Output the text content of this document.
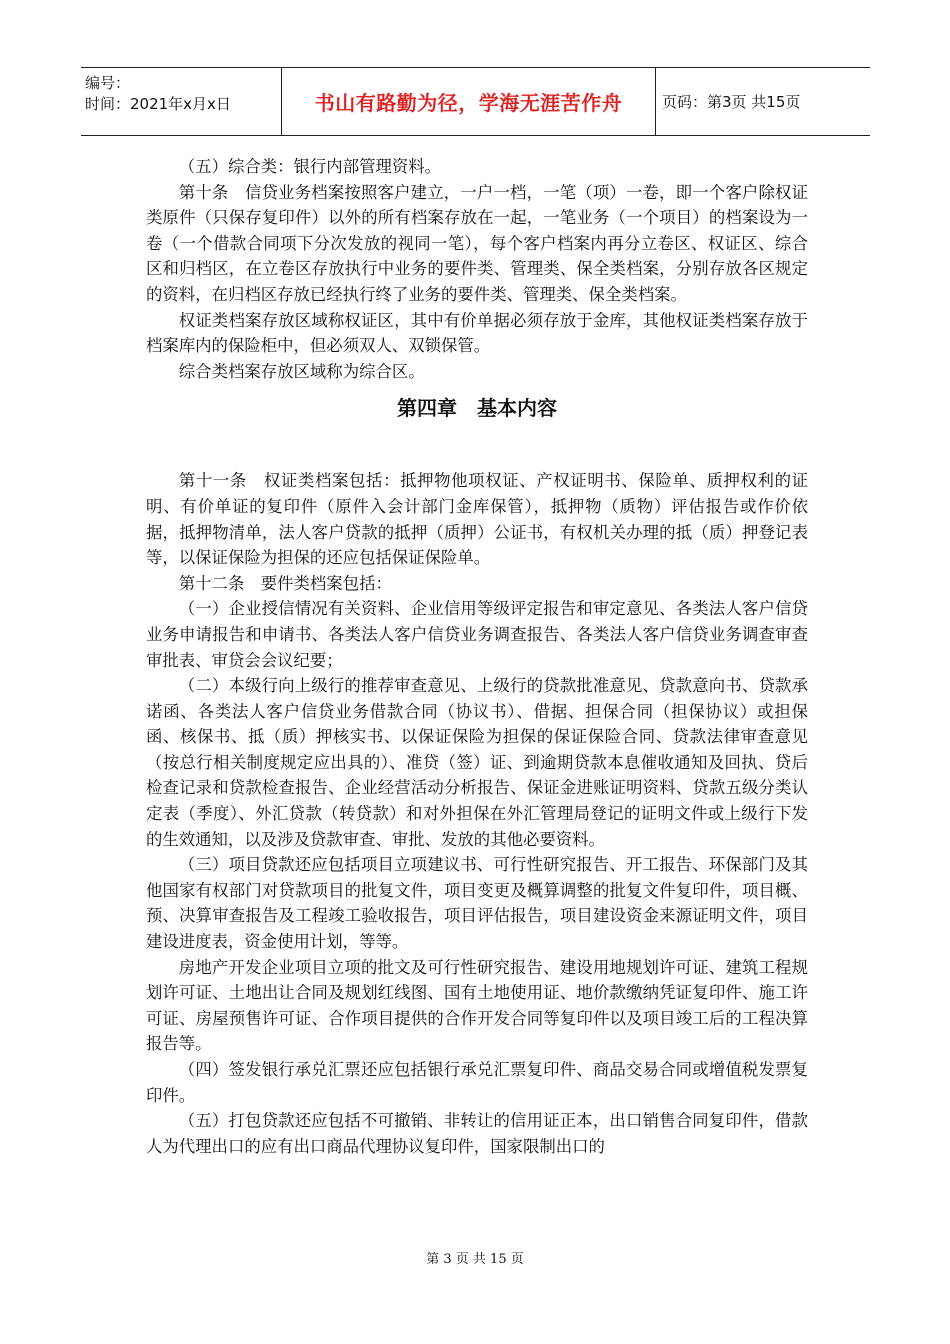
编号：
时间：2021年x月x日	书山有路勤为径，学海无涯苦作舟	页码：第3页 共15页

（五）综合类：银行内部管理资料。

第十条　信贷业务档案按照客户建立，一户一档，一笔（项）一卷，即一个客户除权证类原件（只保存复印件）以外的所有档案存放在一起，一笔业务（一个项目）的档案设为一卷（一个借款合同项下分次发放的视同一笔），每个客户档案内再分立卷区、权证区、综合区和归档区，在立卷区存放执行中业务的要件类、管理类、保全类档案，分别存放各区规定的资料，在归档区存放已经执行终了业务的要件类、管理类、保全类档案。

权证类档案存放区域称权证区，其中有价单据必须存放于金库，其他权证类档案存放于档案库内的保险柜中，但必须双人、双锁保管。

综合类档案存放区域称为综合区。

第四章　基本内容

第十一条　权证类档案包括：抵押物他项权证、产权证明书、保险单、质押权利的证明、有价单证的复印件（原件入会计部门金库保管），抵押物（质物）评估报告或作价依据，抵押物清单，法人客户贷款的抵押（质押）公证书，有权机关办理的抵（质）押登记表等，以保证保险为担保的还应包括保证保险单。

第十二条　要件类档案包括：

（一）企业授信情况有关资料、企业信用等级评定报告和审定意见、各类法人客户信贷业务申请报告和申请书、各类法人客户信贷业务调查报告、各类法人客户信贷业务调查审查审批表、审贷会会议纪要；

（二）本级行向上级行的推荐审查意见、上级行的贷款批准意见、贷款意向书、贷款承诺函、各类法人客户信贷业务借款合同（协议书）、借据、担保合同（担保协议）或担保函、核保书、抵（质）押核实书、以保证保险为担保的保证保险合同、贷款法律审查意见（按总行相关制度规定应出具的）、准贷（签）证、到逾期贷款本息催收通知及回执、贷后检查记录和贷款检查报告、企业经营活动分析报告、保证金进账证明资料、贷款五级分类认定表（季度）、外汇贷款（转贷款）和对外担保在外汇管理局登记的证明文件或上级行下发的生效通知，以及涉及贷款审查、审批、发放的其他必要资料。

（三）项目贷款还应包括项目立项建议书、可行性研究报告、开工报告、环保部门及其他国家有权部门对贷款项目的批复文件，项目变更及概算调整的批复文件复印件，项目概、预、决算审查报告及工程竣工验收报告，项目评估报告，项目建设资金来源证明文件，项目建设进度表，资金使用计划，等等。

房地产开发企业项目立项的批文及可行性研究报告、建设用地规划许可证、建筑工程规划许可证、土地出让合同及规划红线图、国有土地使用证、地价款缴纳凭证复印件、施工许可证、房屋预售许可证、合作项目提供的合作开发合同等复印件以及项目竣工后的工程决算报告等。

（四）签发银行承兑汇票还应包括银行承兑汇票复印件、商品交易合同或增值税发票复印件。

（五）打包贷款还应包括不可撤销、非转让的信用证正本，出口销售合同复印件，借款人为代理出口的应有出口商品代理协议复印件，国家限制出口的

第 3 页 共 15 页
